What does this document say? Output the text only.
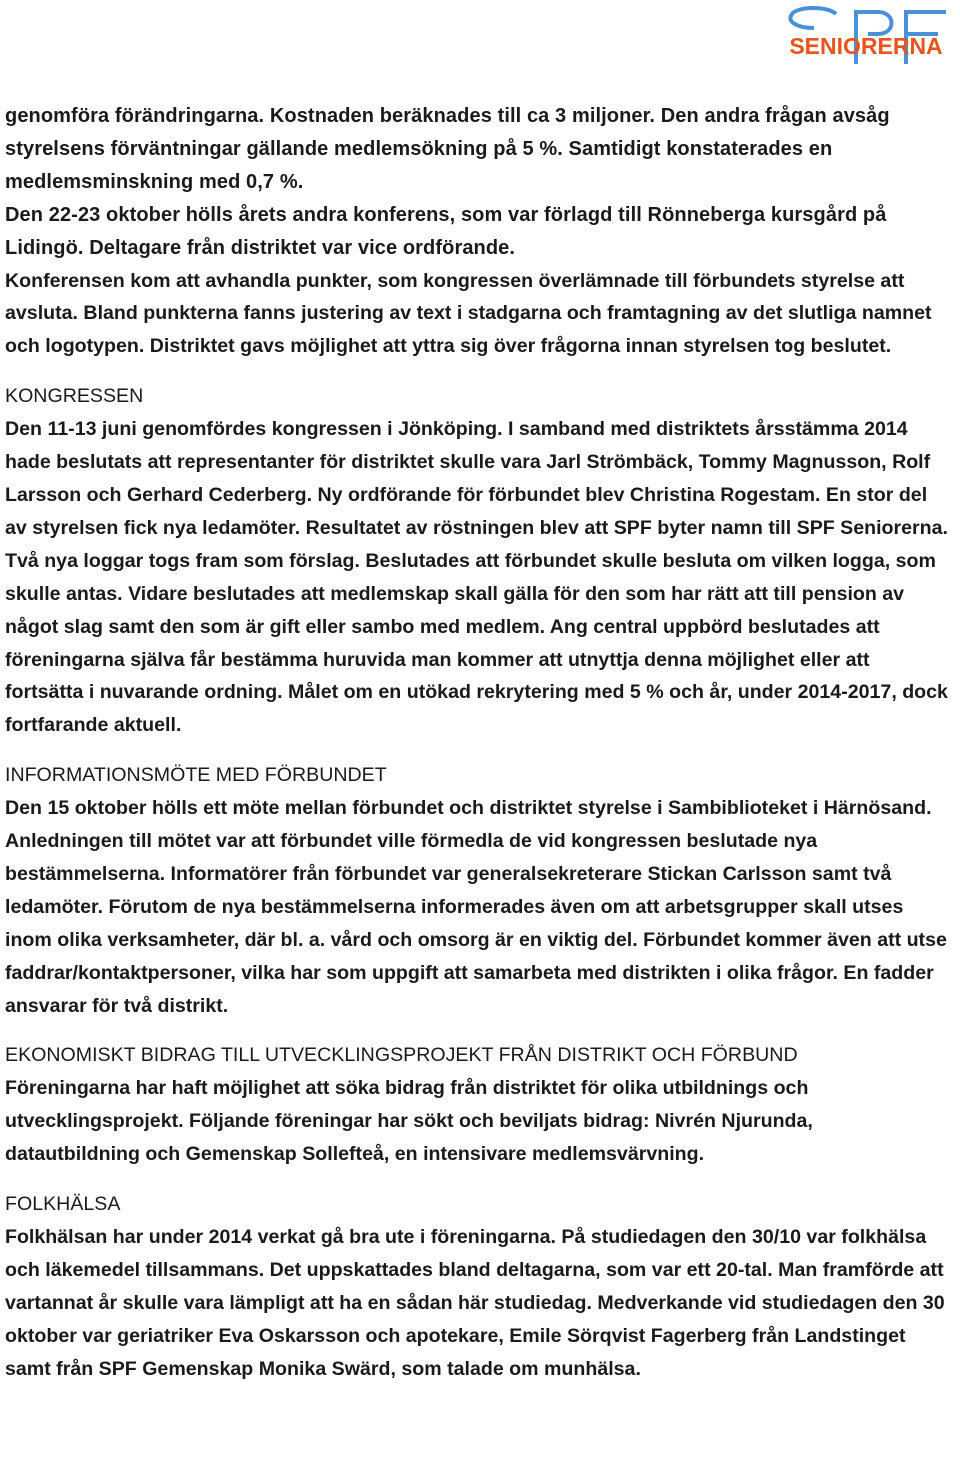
SENIORERNA

genomföra förändringarna. Kostnaden beräknades till ca 3 miljoner. Den andra frågan avsåg styrelsens förväntningar gällande medlemsökning på 5 %. Samtidigt konstaterades en medlemsminskning med 0,7 %.

Den 22-23 oktober hölls årets andra konferens, som var förlagd till Rönneberga kursgård på Lidingö. Deltagare från distriktet var vice ordförande.

Konferensen kom att avhandla punkter, som kongressen överlämnade till förbundets styrelse att avsluta. Bland punkterna fanns justering av text i stadgarna och framtagning av det slutliga namnet och logotypen. Distriktet gavs möjlighet att yttra sig över frågorna innan styrelsen tog beslutet.

KONGRESSEN

Den 11-13 juni genomfördes kongressen i Jönköping. I samband med distriktets årsstämma 2014 hade beslutats att representanter för distriktet skulle vara Jarl Strömbäck, Tommy Magnusson, Rolf Larsson och Gerhard Cederberg. Ny ordförande för förbundet blev Christina Rogestam. En stor del av styrelsen fick nya ledamöter. Resultatet av röstningen blev att SPF byter namn till SPF Seniorerna. Två nya loggar togs fram som förslag. Beslutades att förbundet skulle besluta om vilken logga, som skulle antas. Vidare beslutades att medlemskap skall gälla för den som har rätt att till pension av något slag samt den som är gift eller sambo med medlem. Ang central uppbörd beslutades att föreningarna själva får bestämma huruvida man kommer att utnyttja denna möjlighet eller att fortsätta i nuvarande ordning. Målet om en utökad rekrytering med 5 % och år, under 2014-2017, dock fortfarande aktuell.

INFORMATIONSMÖTE MED FÖRBUNDET

Den 15 oktober hölls ett möte mellan förbundet och distriktet styrelse i Sambiblioteket i Härnösand. Anledningen till mötet var att förbundet ville förmedla de vid kongressen beslutade nya bestämmelserna. Informatörer från förbundet var generalsekreterare Stickan Carlsson samt två ledamöter. Förutom de nya bestämmelserna informerades även om att arbetsgrupper skall utses inom olika verksamheter, där bl. a. vård och omsorg är en viktig del. Förbundet kommer även att utse faddrar/kontaktpersoner, vilka har som uppgift att samarbeta med distrikten i olika frågor. En fadder ansvarar för två distrikt.

EKONOMISKT BIDRAG TILL UTVECKLINGSPROJEKT FRÅN DISTRIKT OCH FÖRBUND

Föreningarna har haft möjlighet att söka bidrag från distriktet för olika utbildnings och utvecklingsprojekt. Följande föreningar har sökt och beviljats bidrag: Nivrén Njurunda, datautbildning och Gemenskap Sollefteå, en intensivare medlemsvärvning.

FOLKHÄLSA

Folkhälsan har under 2014 verkat gå bra ute i föreningarna. På studiedagen den 30/10 var folkhälsa och läkemedel tillsammans. Det uppskattades bland deltagarna, som var ett 20-tal. Man framförde att vartannat år skulle vara lämpligt att ha en sådan här studiedag. Medverkande vid studiedagen den 30 oktober var geriatriker Eva Oskarsson och apotekare, Emile Sörqvist Fagerberg från Landstinget samt från SPF Gemenskap Monika Swärd, som talade om munhälsa.
